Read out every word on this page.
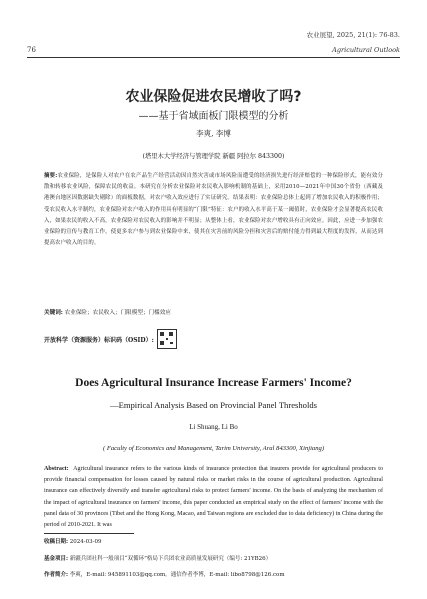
农业展望, 2025, 21(1): 76-83.
76	Agricultural Outlook
农业保险促进农民增收了吗?
——基于省域面板门限模型的分析
李爽, 李博
(塔里木大学经济与管理学院 新疆 阿拉尔 843300)
摘要:农业保险，是保险人对农户在农产品生产经营活动因自然灾害或市场风险而遭受的经济损失进行经济赔偿的一种保险形式，能有效分散和转移农业风险，保障农民的收益。本研究在分析农业保险对农民收入影响机制的基础上，采用2010—2021年中国30个省份（西藏及港澳台地区因数据缺失剔除）的面板数据，对农户收入效应进行了实证研究。结果表明：农业保险总体上起到了增加农民收入的积极作用；受农民收入水平制约，农业保险对农户收入的作用具有明显的“门限”特征：农户的收入水平高于某一阈值时，农业保险才会显著提高农民收入，如果农民的收入不高，农业保险对农民收入的影响并不明显；从整体上看，农业保险对农户增收具有正向效应。因此，应进一步加强农业保险的宣传与教育工作，使更多农户参与到农业保险中来，使其在灾害前的风险分担和灾害后的赔付能力得到最大程度的发挥，从而达到提高农户收入的目的。
关键词: 农业保险；农民收入；门限模型；门槛效应
开放科学（资源服务）标识码（OSID）:
Does Agricultural Insurance Increase Farmers' Income?
—Empirical Analysis Based on Provincial Panel Thresholds
Li Shuang, Li Bo
( Faculty of Economics and Management, Tarim University, Aral 843300, Xinjiang)
Abstract: Agricultural insurance refers to the various kinds of insurance protection that insurers provide for agricultural producers to provide financial compensation for losses caused by natural risks or market risks in the course of agricultural production. Agricultural insurance can effectively diversify and transfer agricultural risks to protect farmers' income. On the basis of analyzing the mechanism of the impact of agricultural insurance on farmers' income, this paper conducted an empirical study on the effect of farmers' income with the panel data of 30 provinces (Tibet and the Hong Kong, Macao, and Taiwan regions are excluded due to data deficiency) in China during the period of 2010-2021. It was
收稿日期: 2024-03-09
基金项目: 新疆兵团社科一般项目“双循环”格局下兵团农业高质量发展研究（编号: 21YB26）
作者简介: 李爽，E-mail: 945891103@qq.com。通信作者李博，E-mail: libo8798@126.com
